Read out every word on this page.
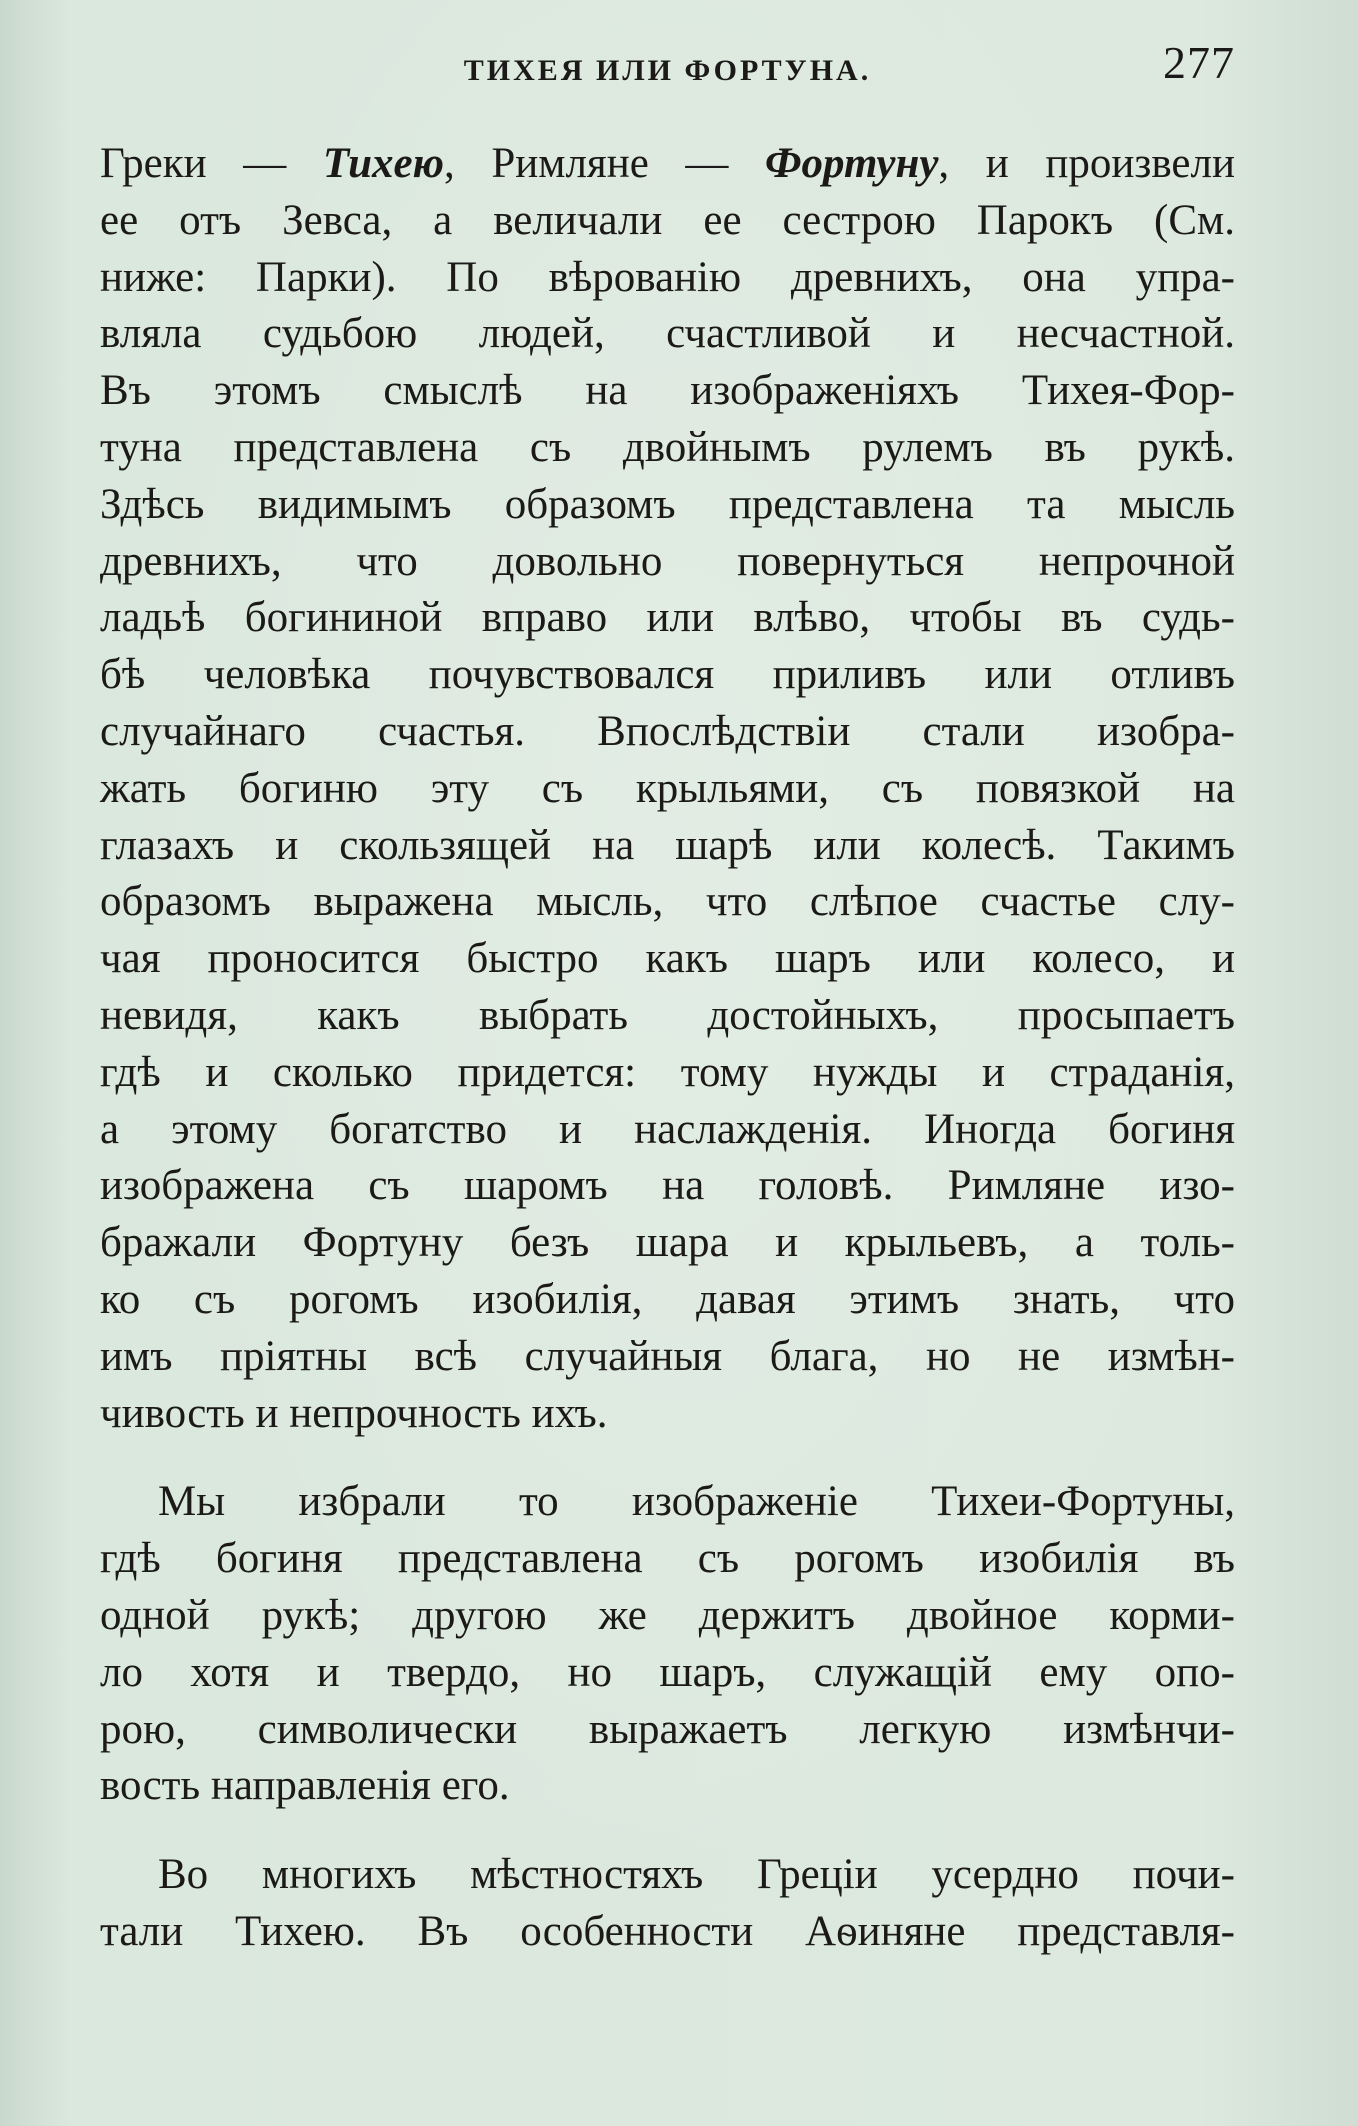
ТИХЕЯ ИЛИ ФОРТУНА.	277
Греки — Тихею, Римляне — Фортуну, и произвели
ее отъ Зевса, а величали ее сестрою Парокъ (См.
ниже: Парки). По вѣрованію древнихъ, она упра-
вляла судьбою людей, счастливой и несчастной.
Въ этомъ смыслѣ на изображеніяхъ Тихея-Фор-
туна представлена съ двойнымъ рулемъ въ рукѣ.
Здѣсь видимымъ образомъ представлена та мысль
древнихъ, что довольно повернуться непрочной
ладьѣ богининой вправо или влѣво, чтобы въ судь-
бѣ человѣка почувствовался приливъ или отливъ
случайнаго счастья. Впослѣдствіи стали изобра-
жать богиню эту съ крыльями, съ повязкой на
глазахъ и скользящей на шарѣ или колесѣ. Такимъ
образомъ выражена мысль, что слѣпое счастье слу-
чая проносится быстро какъ шаръ или колесо, и
невидя, какъ выбрать достойныхъ, просыпаетъ
гдѣ и сколько придется: тому нужды и страданія,
а этому богатство и наслажденія. Иногда богиня
изображена съ шаромъ на головѣ. Римляне изо-
бражали Фортуну безъ шара и крыльевъ, а толь-
ко съ рогомъ изобилія, давая этимъ знать, что
имъ пріятны всѣ случайныя блага, но не измѣн-
чивость и непрочность ихъ.
Мы избрали то изображеніе Тихеи-Фортуны,
гдѣ богиня представлена съ рогомъ изобилія въ
одной рукѣ; другою же держитъ двойное корми-
ло хотя и твердо, но шаръ, служащій ему опо-
рою, символически выражаетъ легкую измѣнчи-
вость направленія его.
Во многихъ мѣстностяхъ Греціи усердно почи-
тали Тихею. Въ особенности Аѳиняне представля-
